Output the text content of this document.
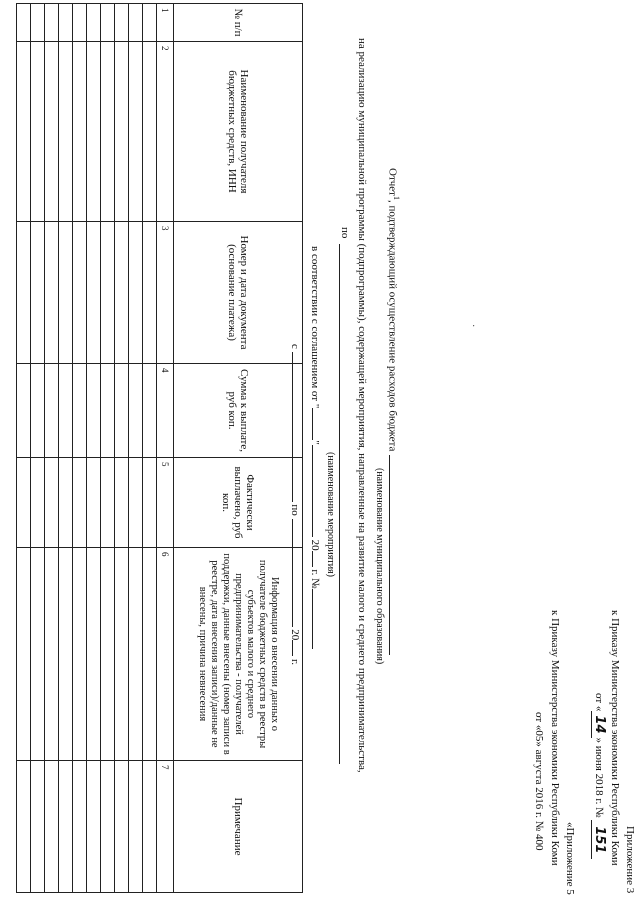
Приложение 3
к Приказу Министерства экономики Республики Коми
от «14» июня 2018 г. № 151
«Приложение 5
к Приказу Министерства экономики Республики Коми
от «05» августа 2016 г. № 400
Отчет$^1$, подтверждающий осуществление расходов бюджета
(наименование муниципального образования)
на реализацию муниципальной программы (подпрограммы), содержащей мероприятия, направленные на развитие малого и среднего предпринимательства,
по
(наименование мероприятия)
в соответствии с соглашением от "" 20 г. №
с  по  20 г.
·
№ п/п	Наименование получателя бюджетных средств, ИНН	Номер и дата документа (основание платежа)	Сумма к выплате, руб коп.	Фактически выплачено, руб коп.	Информация о внесении данных о получателе бюджетных средств в реестры субъектов малого и среднего предпринимательства - получателей поддержки, данные внесены (номер записи в реестре, дата внесения записи)/данные не внесены, причина невнесения	Примечание
1	2	3	4	5	6	7
